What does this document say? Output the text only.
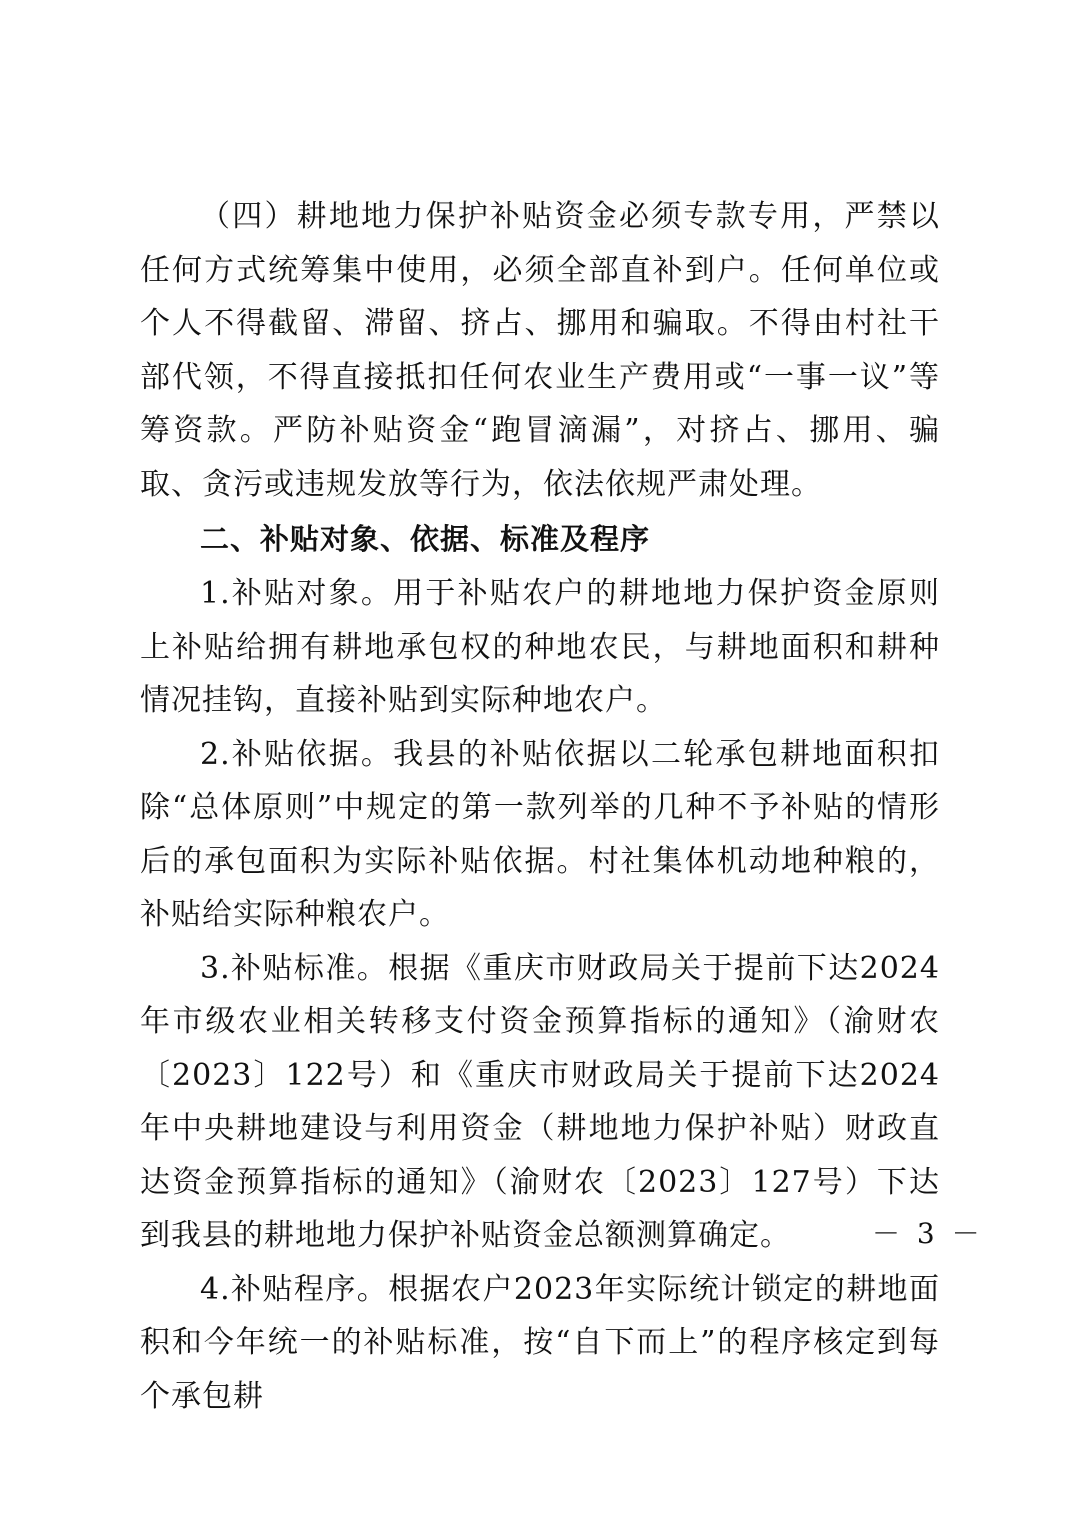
（四）耕地地力保护补贴资金必须专款专用，严禁以任何方式统筹集中使用，必须全部直补到户。任何单位或个人不得截留、滞留、挤占、挪用和骗取。不得由村社干部代领，不得直接抵扣任何农业生产费用或“一事一议”等筹资款。严防补贴资金“跑冒滴漏”，对挤占、挪用、骗取、贪污或违规发放等行为，依法依规严肃处理。

二、补贴对象、依据、标准及程序

1.补贴对象。用于补贴农户的耕地地力保护资金原则上补贴给拥有耕地承包权的种地农民，与耕地面积和耕种情况挂钩，直接补贴到实际种地农户。

2.补贴依据。我县的补贴依据以二轮承包耕地面积扣除“总体原则”中规定的第一款列举的几种不予补贴的情形后的承包面积为实际补贴依据。村社集体机动地种粮的，补贴给实际种粮农户。

3.补贴标准。根据《重庆市财政局关于提前下达2024年市级农业相关转移支付资金预算指标的通知》（渝财农〔2023〕122号）和《重庆市财政局关于提前下达2024年中央耕地建设与利用资金（耕地地力保护补贴）财政直达资金预算指标的通知》（渝财农〔2023〕127号）下达到我县的耕地地力保护补贴资金总额测算确定。

4.补贴程序。根据农户2023年实际统计锁定的耕地面积和今年统一的补贴标准，按“自下而上”的程序核定到每个承包耕

－ 3 －
